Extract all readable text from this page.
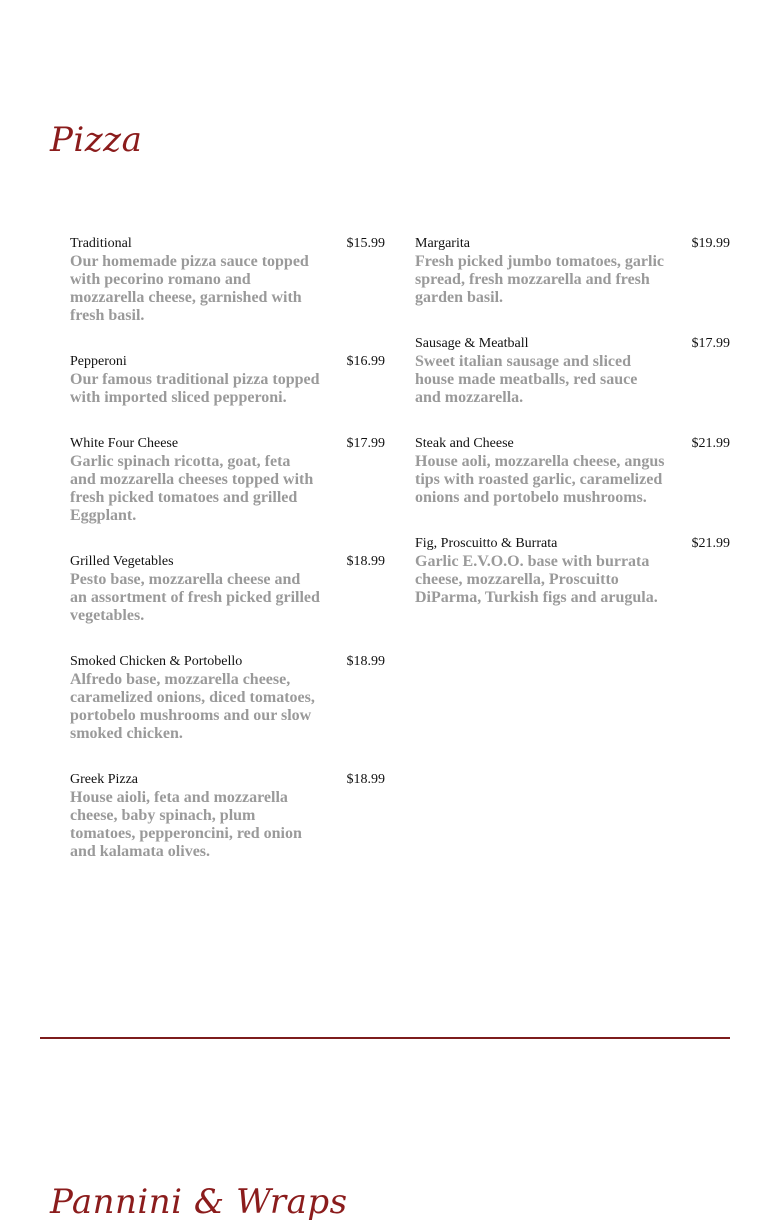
Pizza
Traditional	$15.99
Our homemade pizza sauce topped with pecorino romano and mozzarella cheese, garnished with fresh basil.
Pepperoni	$16.99
Our famous traditional pizza topped with imported sliced pepperoni.
White Four Cheese	$17.99
Garlic spinach ricotta, goat, feta and mozzarella cheeses topped with fresh picked tomatoes and grilled Eggplant.
Grilled Vegetables	$18.99
Pesto base, mozzarella cheese and an assortment of fresh picked grilled vegetables.
Smoked Chicken & Portobello	$18.99
Alfredo base, mozzarella cheese, caramelized onions, diced tomatoes, portobelo mushrooms and our slow smoked chicken.
Greek Pizza	$18.99
House aioli, feta and mozzarella cheese, baby spinach, plum tomatoes, pepperoncini, red onion and kalamata olives.
Margarita	$19.99
Fresh picked jumbo tomatoes, garlic spread, fresh mozzarella and fresh garden basil.
Sausage & Meatball	$17.99
Sweet italian sausage and sliced house made meatballs, red sauce and mozzarella.
Steak and Cheese	$21.99
House aoli, mozzarella cheese, angus tips with roasted garlic, caramelized onions and portobelo mushrooms.
Fig, Proscuitto & Burrata	$21.99
Garlic E.V.O.O. base with burrata cheese, mozzarella, Proscuitto DiParma, Turkish figs and arugula.
Pannini & Wraps
